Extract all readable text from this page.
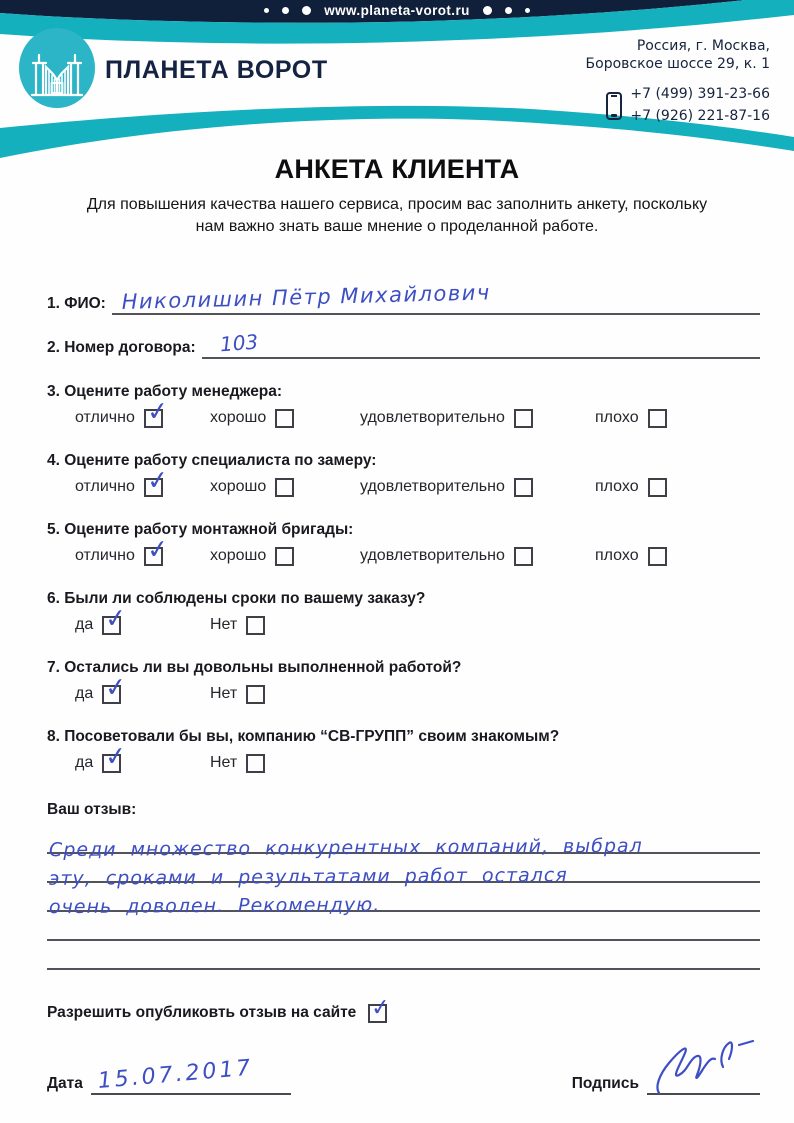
www.planeta-vorot.ru
ПЛАНЕТА ВОРОТ
Россия, г. Москва,
Боровское шоссе 29, к. 1
+7 (499) 391-23-66
+7 (926) 221-87-16
АНКЕТА КЛИЕНТА
Для повышения качества нашего сервиса, просим вас заполнить анкету, поскольку
нам важно знать ваше мнение о проделанной работе.
1. ФИО: Николишин Пётр Михайлович
2. Номер договора:	103
3. Оцените работу менеджера:
отлично ✓ хорошо	удовлетворительно	плохо
4. Оцените работу специалиста по замеру:
отлично ✓ хорошо	удовлетворительно	плохо
5. Оцените работу монтажной бригады:
отлично ✓ хорошо	удовлетворительно	плохо
6. Были ли соблюдены сроки по вашему заказу?
да ✓	Нет
7. Остались ли вы довольны выполненной работой?
да ✓	Нет
8. Посоветовали бы вы, компанию “СВ-ГРУПП” своим знакомым?
да ✓	Нет
Ваш отзыв:
Среди множество конкурентных компаний, выбрал
эту, сроками и результатами работ остался
очень доволен. Рекомендую.
Разрешить опубликовть отзыв на сайте ✓
Дата 15.07.2017	Подпись
